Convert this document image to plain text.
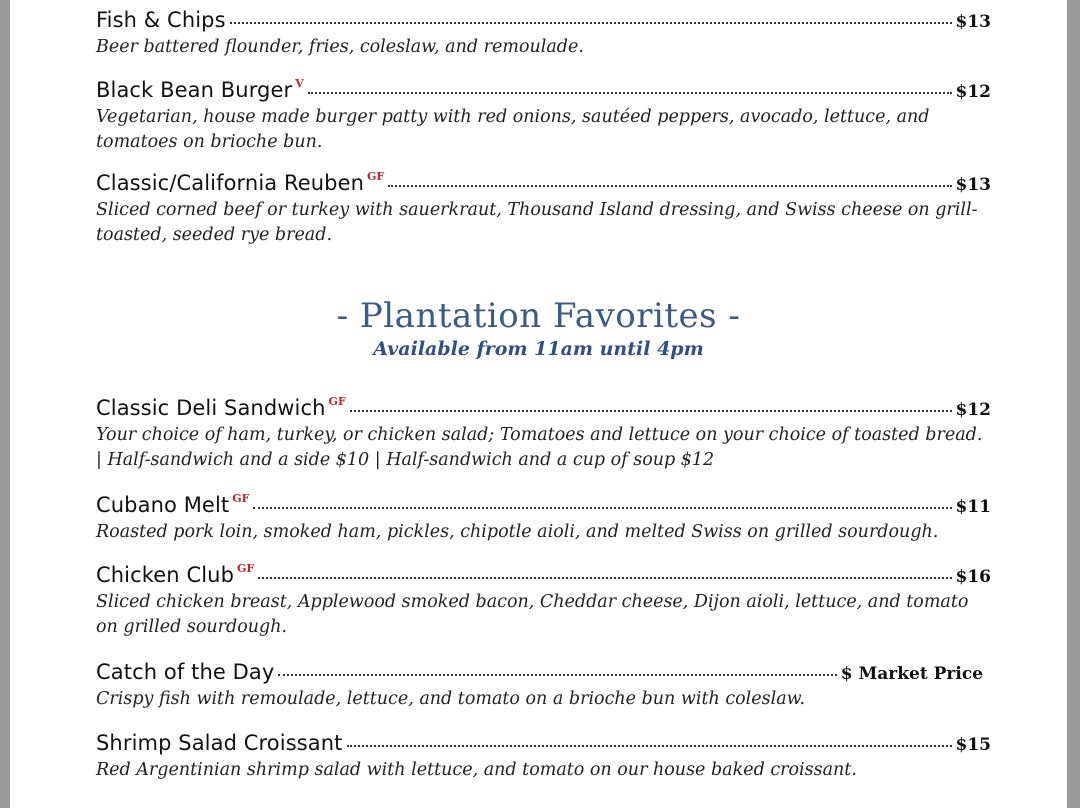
Fish & Chips	$13
Beer battered flounder, fries, coleslaw, and remoulade.
Black Bean Burger V	$12
Vegetarian, house made burger patty with red onions, sautéed peppers, avocado, lettuce, and tomatoes on brioche bun.
Classic/California Reuben GF	$13
Sliced corned beef or turkey with sauerkraut, Thousand Island dressing, and Swiss cheese on grill-toasted, seeded rye bread.
- Plantation Favorites -
Available from 11am until 4pm
Classic Deli Sandwich GF	$12
Your choice of ham, turkey, or chicken salad; Tomatoes and lettuce on your choice of toasted bread. | Half-sandwich and a side $10 | Half-sandwich and a cup of soup $12
Cubano Melt GF	$11
Roasted pork loin, smoked ham, pickles, chipotle aioli, and melted Swiss on grilled sourdough.
Chicken Club GF	$16
Sliced chicken breast, Applewood smoked bacon, Cheddar cheese, Dijon aioli, lettuce, and tomato on grilled sourdough.
Catch of the Day	$ Market Price
Crispy fish with remoulade, lettuce, and tomato on a brioche bun with coleslaw.
Shrimp Salad Croissant	$15
Red Argentinian shrimp salad with lettuce, and tomato on our house baked croissant.
